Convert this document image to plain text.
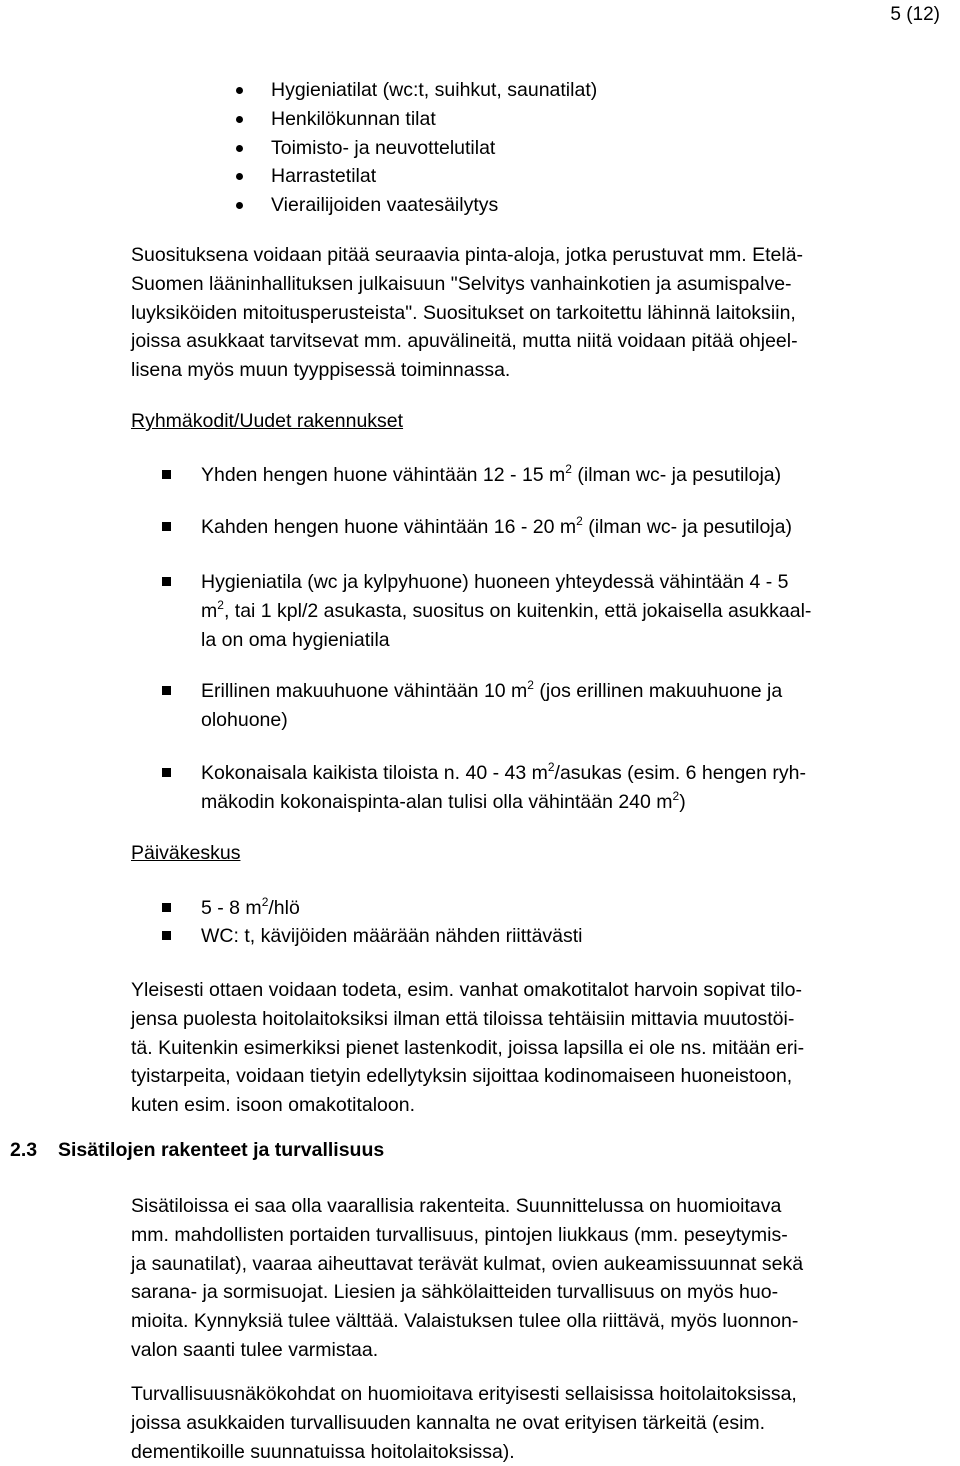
5 (12)
Hygieniatilat (wc:t, suihkut, saunatilat)
Henkilökunnan tilat
Toimisto- ja neuvottelutilat
Harrastetilat
Vierailijoiden vaatesäilytys
Suosituksena voidaan pitää seuraavia pinta-aloja, jotka perustuvat mm. Etelä-
Suomen lääninhallituksen julkaisuun "Selvitys vanhainkotien ja asumispalve-
luyksiköiden mitoitusperusteista". Suositukset on tarkoitettu lähinnä laitoksiin,
joissa asukkaat tarvitsevat mm. apuvälineitä, mutta niitä voidaan pitää ohjeel-
lisena myös muun tyyppisessä toiminnassa.
Ryhmäkodit/Uudet rakennukset
Yhden hengen huone vähintään 12 - 15 $m^2$ (ilman wc- ja pesutiloja)
Kahden hengen huone vähintään 16 - 20 $m^2$ (ilman wc- ja pesutiloja)
Hygieniatila (wc ja kylpyhuone) huoneen yhteydessä vähintään 4 - 5
$m^2$, tai 1 kpl/2 asukasta, suositus on kuitenkin, että jokaisella asukkaal-
la on oma hygieniatila
Erillinen makuuhuone vähintään 10 $m^2$ (jos erillinen makuuhuone ja
olohuone)
Kokonaisala kaikista tiloista n. 40 - 43 $m^2$/asukas (esim. 6 hengen ryh-
mäkodin kokonaispinta-alan tulisi olla vähintään 240 $m^2$)
Päiväkeskus
5 - 8 $m^2$/hlö
WC: t, kävijöiden määrään nähden riittävästi
Yleisesti ottaen voidaan todeta, esim. vanhat omakotitalot harvoin sopivat tilo-
jensa puolesta hoitolaitoksiksi ilman että tiloissa tehtäisiin mittavia muutostöi-
tä. Kuitenkin esimerkiksi pienet lastenkodit, joissa lapsilla ei ole ns. mitään eri-
tyistarpeita, voidaan tietyin edellytyksin sijoittaa kodinomaiseen huoneistoon,
kuten esim. isoon omakotitaloon.
2.3 Sisätilojen rakenteet ja turvallisuus
Sisätiloissa ei saa olla vaarallisia rakenteita. Suunnittelussa on huomioitava
mm. mahdollisten portaiden turvallisuus, pintojen liukkaus (mm. peseytymis-
ja saunatilat), vaaraa aiheuttavat terävät kulmat, ovien aukeamissuunnat sekä
sarana- ja sormisuojat. Liesien ja sähkölaitteiden turvallisuus on myös huo-
mioita. Kynnyksiä tulee välttää. Valaistuksen tulee olla riittävä, myös luonnon-
valon saanti tulee varmistaa.
Turvallisuusnäkökohdat on huomioitava erityisesti sellaisissa hoitolaitoksissa,
joissa asukkaiden turvallisuuden kannalta ne ovat erityisen tärkeitä (esim.
dementikoille suunnatuissa hoitolaitoksissa).
